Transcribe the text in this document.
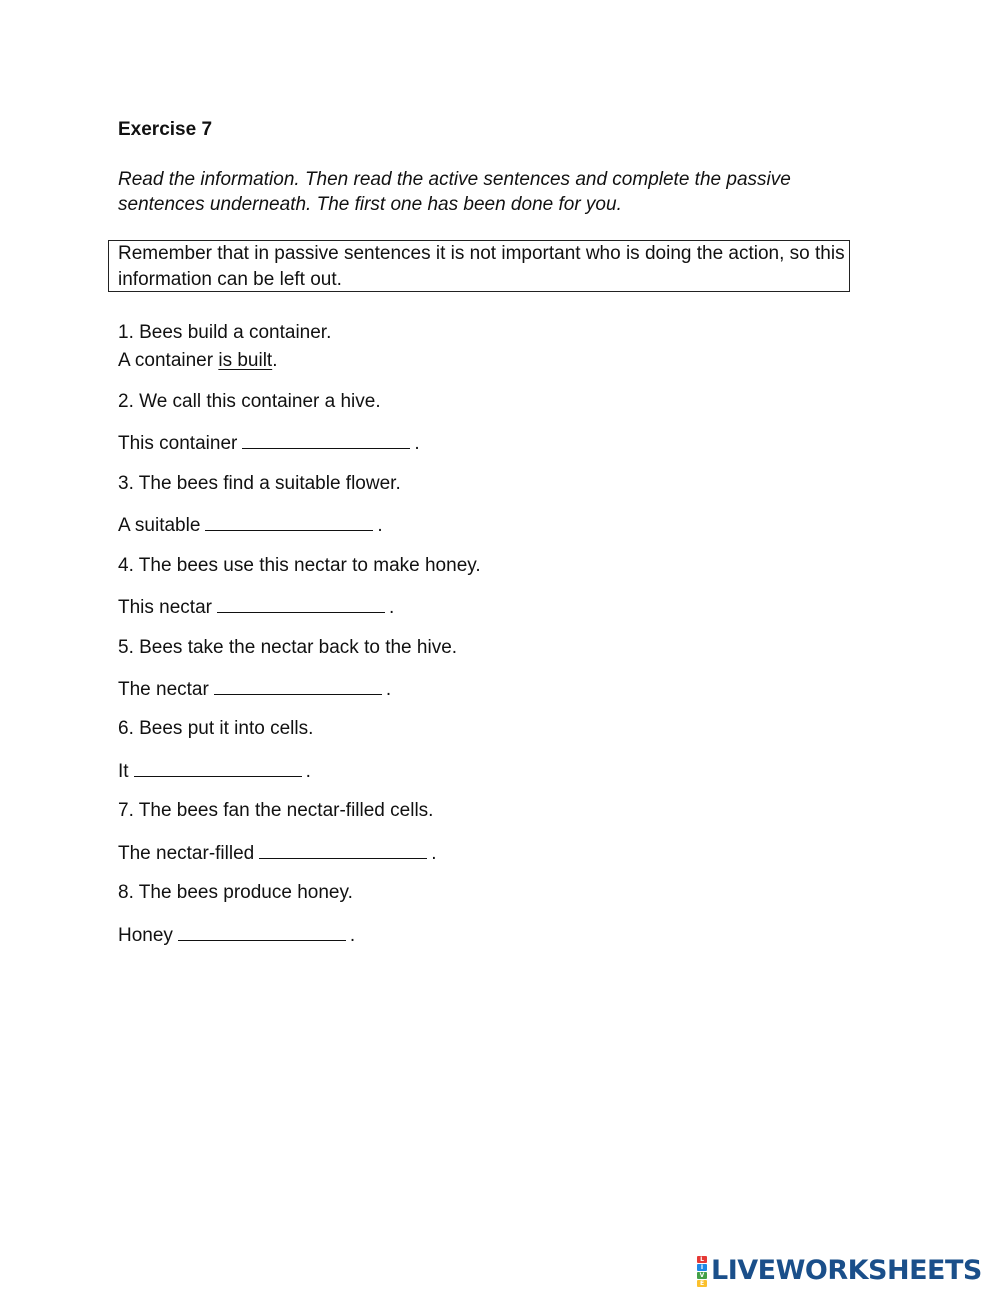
Exercise 7
Read the information. Then read the active sentences and complete the passive sentences underneath. The first one has been done for you.
Remember that in passive sentences it is not important who is doing the action, so this information can be left out.
1. Bees build a container.
A container is built.
2. We call this container a hive.
This container	.
3. The bees find a suitable flower.
A suitable	.
4. The bees use this nectar to make honey.
This nectar	.
5. Bees take the nectar back to the hive.
The nectar	.
6. Bees put it into cells.
It	.
7. The bees fan the nectar-filled cells.
The nectar-filled	.
8. The bees produce honey.
Honey	.
L
I
V
E LIVEWORKSHEETS
